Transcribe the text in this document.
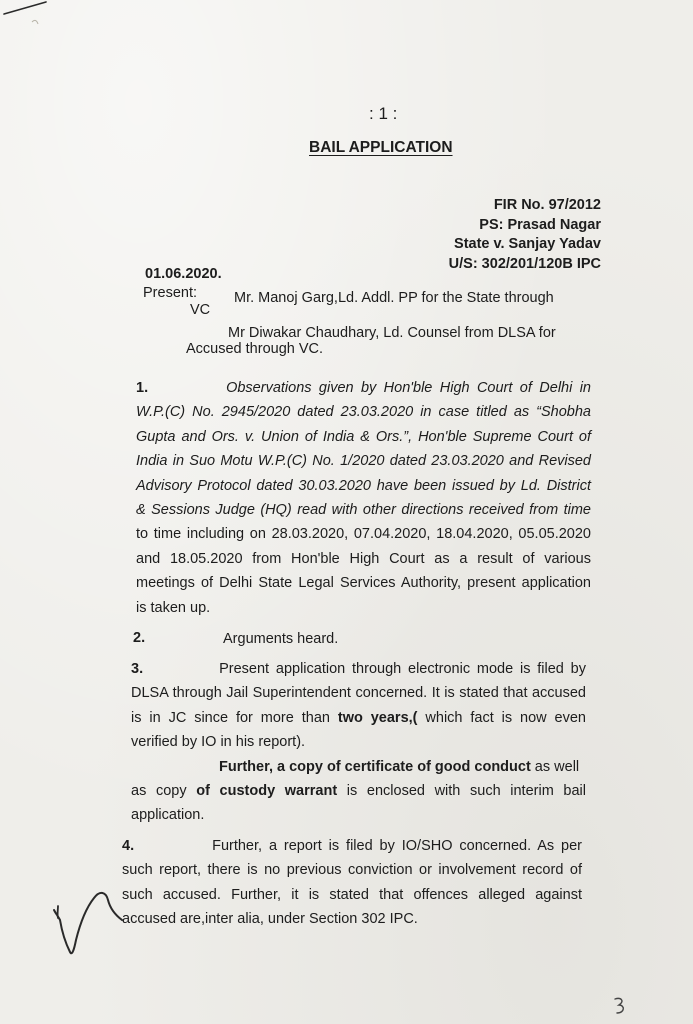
: 1 :
BAIL APPLICATION
FIR No. 97/2012
PS: Prasad Nagar
State v. Sanjay Yadav
U/S: 302/201/120B IPC
01.06.2020.
Present:	Mr. Manoj Garg,Ld. Addl. PP for the State through
VC
Mr Diwakar Chaudhary, Ld. Counsel from DLSA for
Accused through VC.
1.	Observations given by Hon'ble High Court of Delhi in
W.P.(C) No. 2945/2020 dated 23.03.2020 in case titled as “Shobha
Gupta and Ors. v. Union of India & Ors.”, Hon'ble Supreme Court of
India in Suo Motu W.P.(C) No. 1/2020 dated 23.03.2020 and Revised
Advisory Protocol dated 30.03.2020 have been issued by Ld. District
& Sessions Judge (HQ) read with other directions received from time
to time including on 28.03.2020, 07.04.2020, 18.04.2020, 05.05.2020
and 18.05.2020 from Hon'ble High Court as a result of various
meetings of Delhi State Legal Services Authority, present application
is taken up.
2.	Arguments heard.
3.	Present application through electronic mode is filed by
DLSA through Jail Superintendent concerned. It is stated that accused
is in JC since for more than two years,( which fact is now even
verified by IO in his report).
Further, a copy of certificate of good conduct as well
as copy of custody warrant is enclosed with such interim bail
application.
4.	Further, a report is filed by IO/SHO concerned. As per
such report, there is no previous conviction or involvement record of
such accused. Further, it is stated that offences alleged against
accused are,inter alia, under Section 302 IPC.
